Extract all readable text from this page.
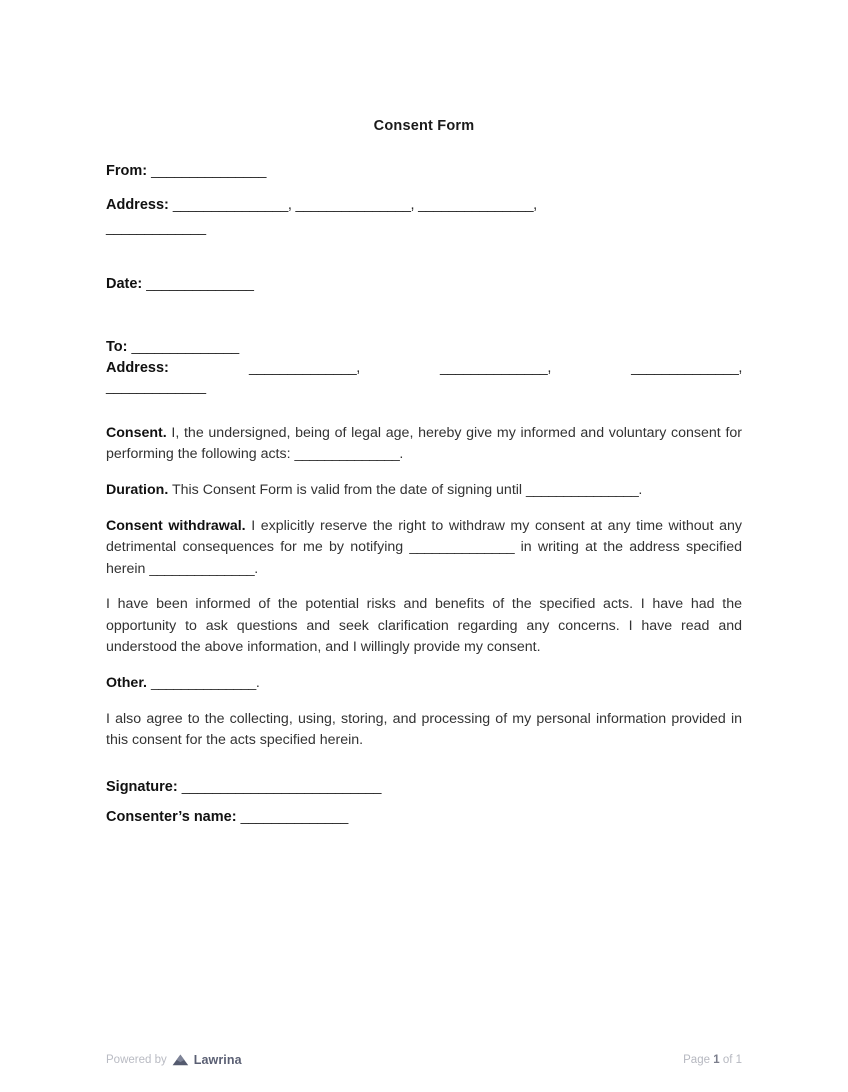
Consent Form
From: _______________
Address: _______________, _______________, _______________,
_____________
Date: ______________
To: ______________
Address:	______________,	______________,	______________,
_____________

Consent. I, the undersigned, being of legal age, hereby give my informed and voluntary consent for performing the following acts: ______________.

Duration. This Consent Form is valid from the date of signing until _______________.

Consent withdrawal. I explicitly reserve the right to withdraw my consent at any time without any detrimental consequences for me by notifying ______________ in writing at the address specified herein ______________.

I have been informed of the potential risks and benefits of the specified acts. I have had the opportunity to ask questions and seek clarification regarding any concerns. I have read and understood the above information, and I willingly provide my consent.

Other. ______________.

I also agree to the collecting, using, storing, and processing of my personal information provided in this consent for the acts specified herein.

Signature: __________________________
Consenter’s name: ______________
Powered by Lawrina	Page 1 of 1
